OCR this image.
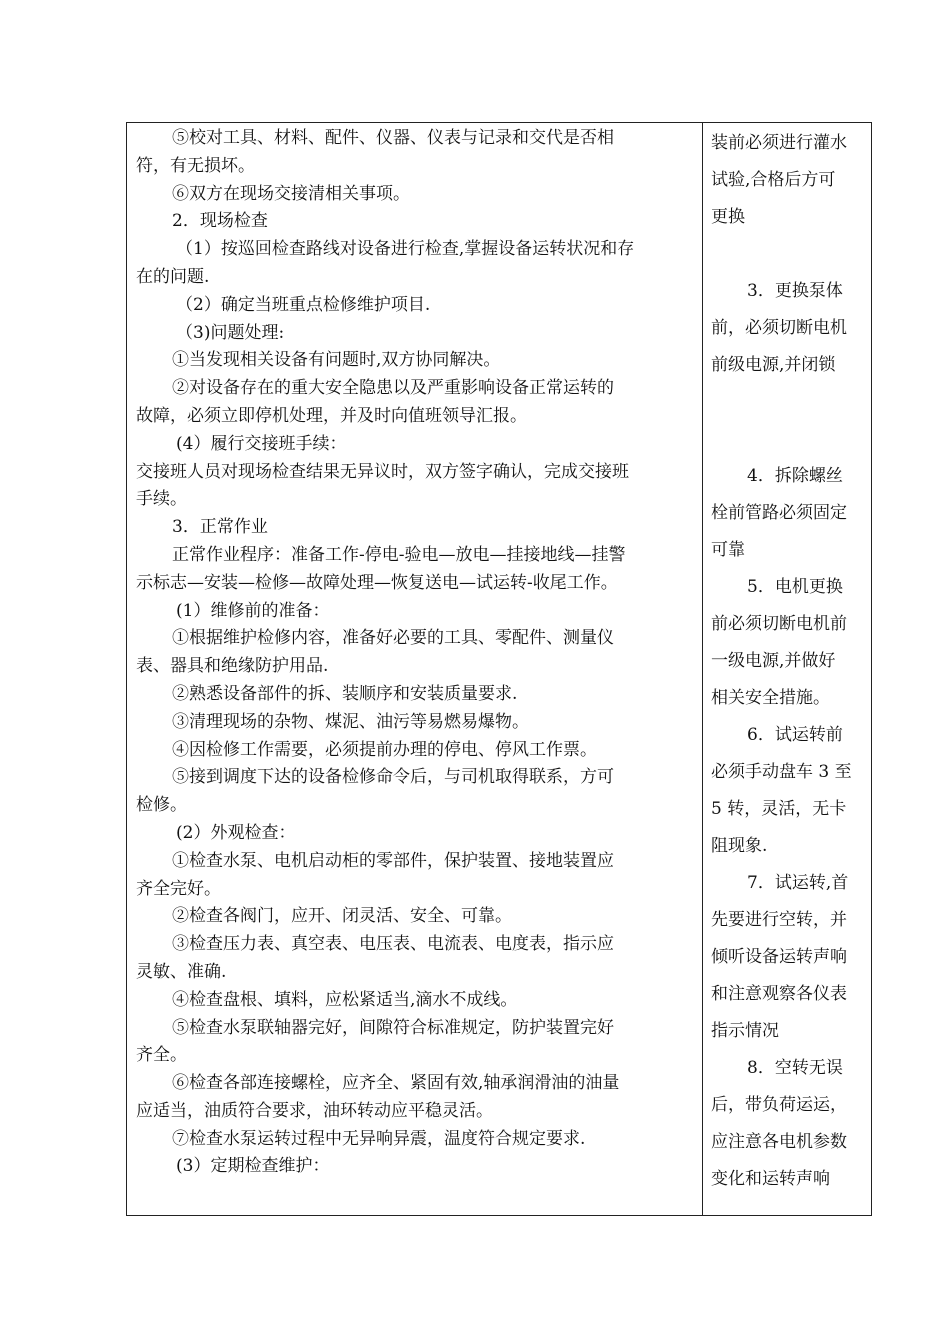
⑤校对工具、材料、配件、仪器、仪表与记录和交代是否相
符，有无损坏。
⑥双方在现场交接清相关事项。
2．现场检查
（1）按巡回检查路线对设备进行检查,掌握设备运转状况和存
在的问题.
（2）确定当班重点检修维护项目.
（3)问题处理:
①当发现相关设备有问题时,双方协同解决。
②对设备存在的重大安全隐患以及严重影响设备正常运转的
故障，必须立即停机处理，并及时向值班领导汇报。
(4）履行交接班手续：
交接班人员对现场检查结果无异议时，双方签字确认，完成交接班
手续。
3．正常作业
正常作业程序：准备工作-停电-验电—放电—挂接地线—挂警
示标志—安装—检修—故障处理—恢复送电—试运转-收尾工作。
(1）维修前的准备：
①根据维护检修内容，准备好必要的工具、零配件、测量仪
表、器具和绝缘防护用品.
②熟悉设备部件的拆、装顺序和安装质量要求.
③清理现场的杂物、煤泥、油污等易燃易爆物。
④因检修工作需要，必须提前办理的停电、停风工作票。
⑤接到调度下达的设备检修命令后，与司机取得联系，方可
检修。
(2）外观检查：
①检查水泵、电机启动柜的零部件，保护装置、接地装置应
齐全完好。
②检查各阀门，应开、闭灵活、安全、可靠。
③检查压力表、真空表、电压表、电流表、电度表，指示应
灵敏、准确.
④检查盘根、填料，应松紧适当,滴水不成线。
⑤检查水泵联轴器完好，间隙符合标准规定，防护装置完好
齐全。
⑥检查各部连接螺栓，应齐全、紧固有效,轴承润滑油的油量
应适当，油质符合要求，油环转动应平稳灵活。
⑦检查水泵运转过程中无异响异震，温度符合规定要求.
(3）定期检查维护：
装前必须进行灌水
试验,合格后方可
更换
3．更换泵体
前，必须切断电机
前级电源,并闭锁
4．拆除螺丝
栓前管路必须固定
可靠
5．电机更换
前必须切断电机前
一级电源,并做好
相关安全措施。
6．试运转前
必须手动盘车 3 至
5 转，灵活，无卡
阻现象.
7．试运转,首
先要进行空转，并
倾听设备运转声响
和注意观察各仪表
指示情况
8．空转无误
后，带负荷运运，
应注意各电机参数
变化和运转声响
